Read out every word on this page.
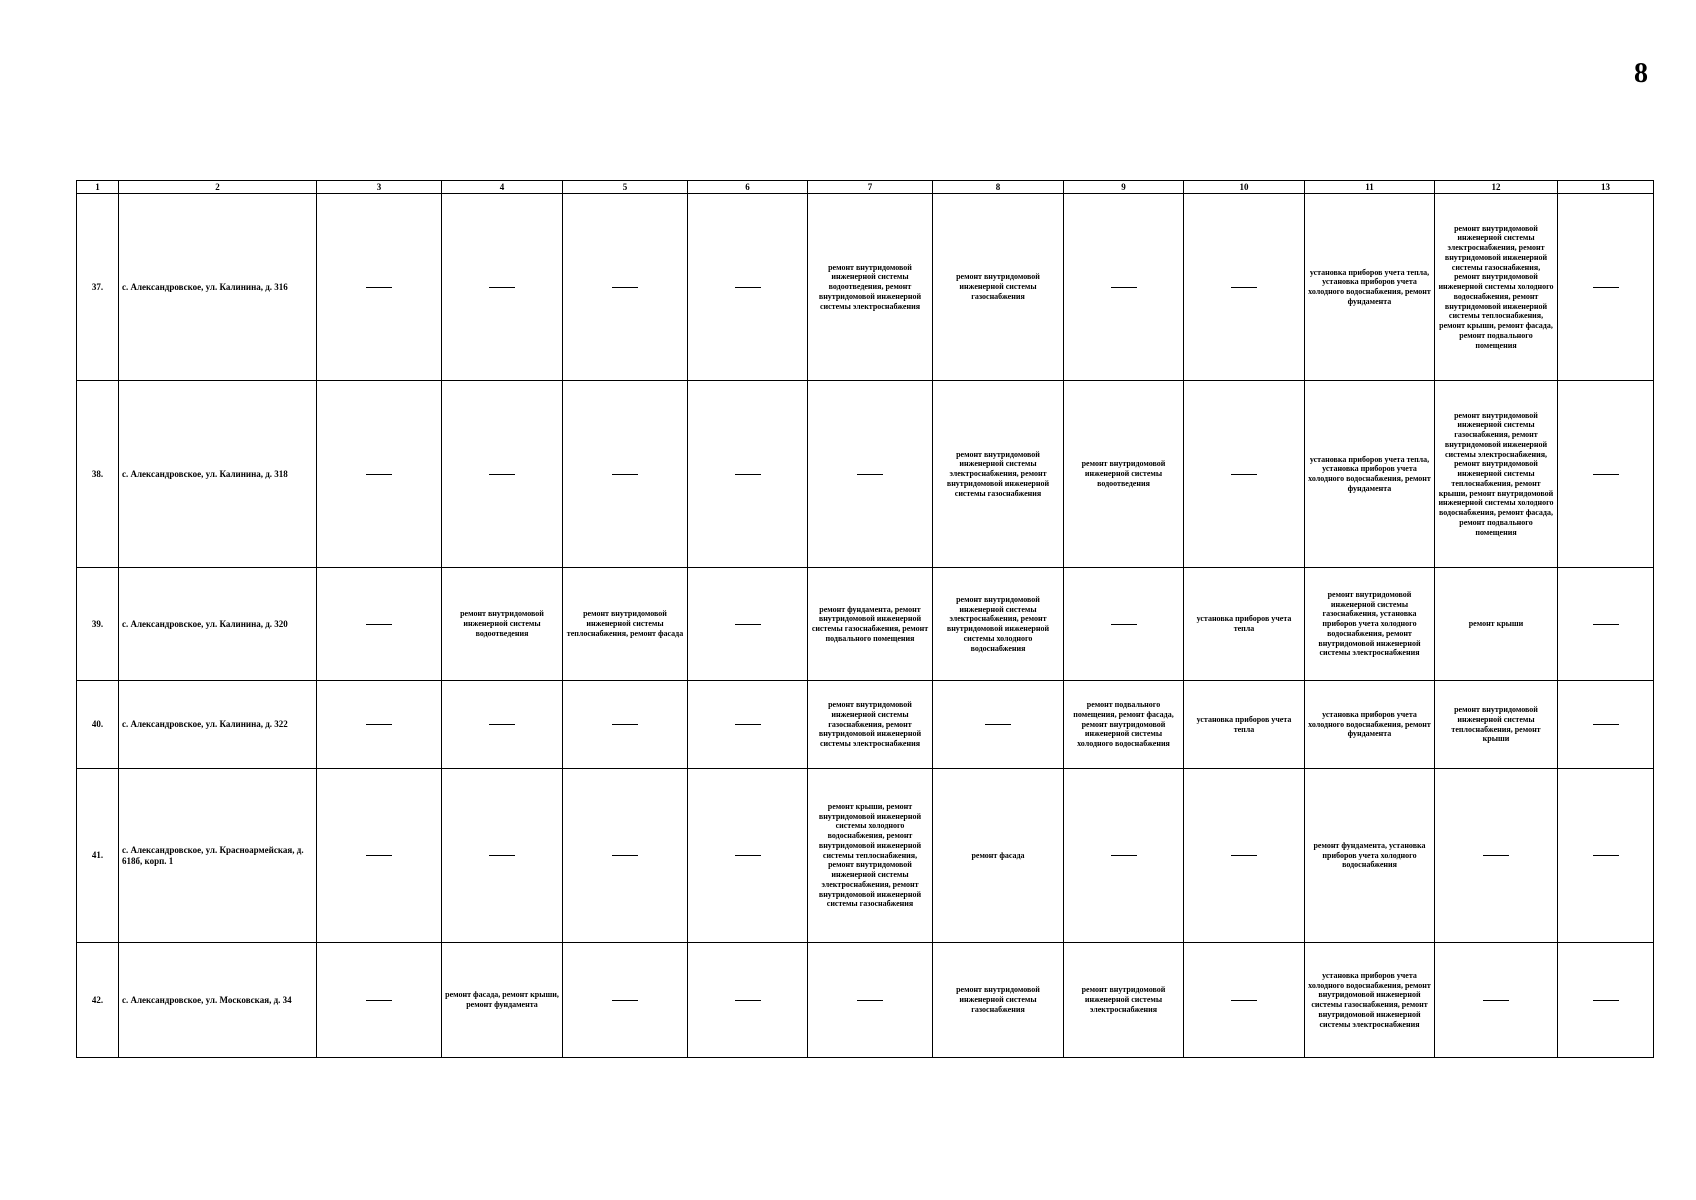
8
1	2	3	4	5	6	7	8	9	10	11	12	13
37.	с. Александровское, ул. Калинина, д. 316					ремонт внутридомовой инженерной системы водоотведения, ремонт внутридомовой инженерной системы электроснабжения	ремонт внутридомовой инженерной системы газоснабжения			установка приборов учета тепла, установка приборов учета холодного водоснабжения, ремонт фундамента	ремонт внутридомовой инженерной системы электроснабжения, ремонт внутридомовой инженерной системы газоснабжения, ремонт внутридомовой инженерной системы холодного водоснабжения, ремонт внутридомовой инженерной системы теплоснабжения, ремонт крыши, ремонт фасада, ремонт подвального помещения	

38.	с. Александровское, ул. Калинина, д. 318						ремонт внутридомовой инженерной системы электроснабжения, ремонт внутридомовой инженерной системы газоснабжения	ремонт внутридомовой инженерной системы водоотведения		установка приборов учета тепла, установка приборов учета холодного водоснабжения, ремонт фундамента	ремонт внутридомовой инженерной системы газоснабжения, ремонт внутридомовой инженерной системы электроснабжения, ремонт внутридомовой инженерной системы теплоснабжения, ремонт крыши, ремонт внутридомовой инженерной системы холодного водоснабжения, ремонт фасада, ремонт подвального помещения	

39.	с. Александровское, ул. Калинина, д. 320		ремонт внутридомовой инженерной системы водоотведения	ремонт внутридомовой инженерной системы теплоснабжения, ремонт фасада		ремонт фундамента, ремонт внутридомовой инженерной системы газоснабжения, ремонт подвального помещения	ремонт внутридомовой инженерной системы электроснабжения, ремонт внутридомовой инженерной системы холодного водоснабжения		установка приборов учета тепла	ремонт внутридомовой инженерной системы газоснабжения, установка приборов учета холодного водоснабжения, ремонт внутридомовой инженерной системы электроснабжения	ремонт крыши	

40.	с. Александровское, ул. Калинина, д. 322					ремонт внутридомовой инженерной системы газоснабжения, ремонт внутридомовой инженерной системы электроснабжения		ремонт подвального помещения, ремонт фасада, ремонт внутридомовой инженерной системы холодного водоснабжения	установка приборов учета тепла	установка приборов учета холодного водоснабжения, ремонт фундамента	ремонт внутридомовой инженерной системы теплоснабжения, ремонт крыши	

41.	с. Александровское, ул. Красноармейская, д. 618б, корп. 1					ремонт крыши, ремонт внутридомовой инженерной системы холодного водоснабжения, ремонт внутридомовой инженерной системы теплоснабжения, ремонт внутридомовой инженерной системы электроснабжения, ремонт внутридомовой инженерной системы газоснабжения	ремонт фасада			ремонт фундамента, установка приборов учета холодного водоснабжения	

42.	с. Александровское, ул. Московская, д. 34		ремонт фасада, ремонт крыши, ремонт фундамента				ремонт внутридомовой инженерной системы газоснабжения	ремонт внутридомовой инженерной системы электроснабжения		установка приборов учета холодного водоснабжения, ремонт внутридомовой инженерной системы газоснабжения, ремонт внутридомовой инженерной системы электроснабжения	
